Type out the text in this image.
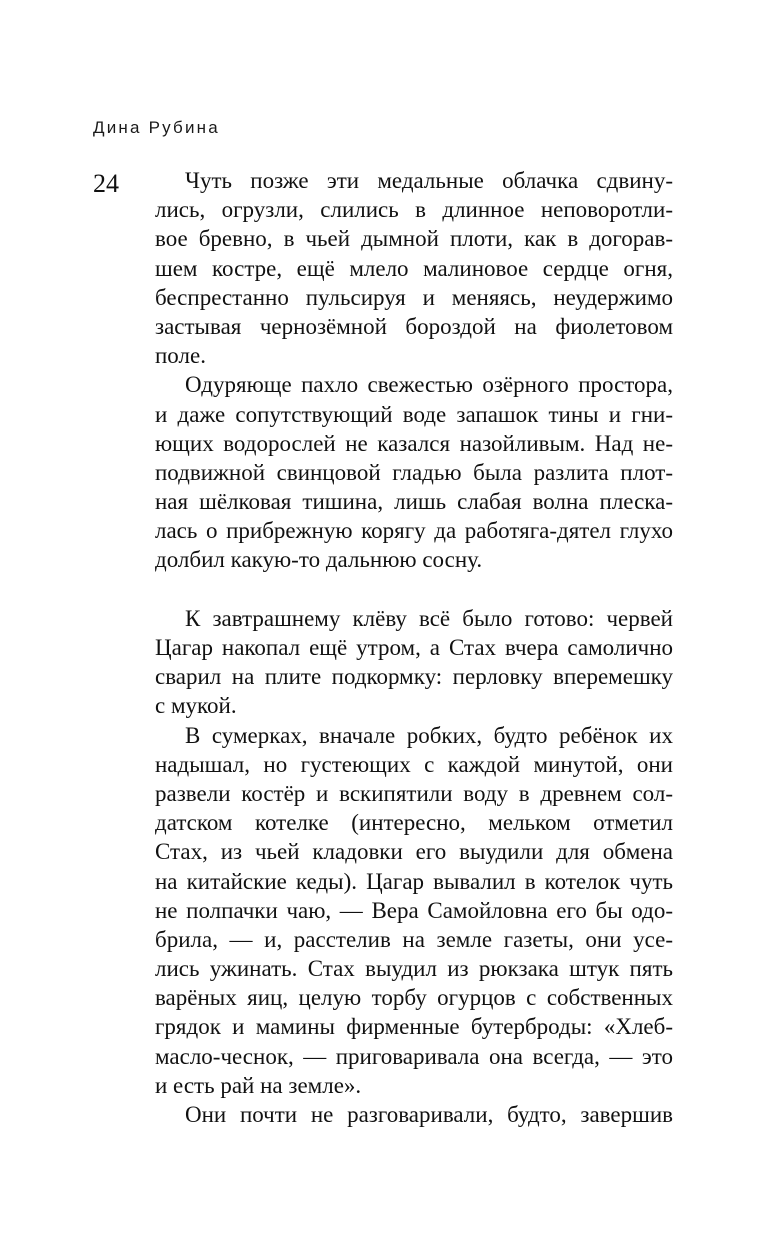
Дина Рубина
24	Чуть позже эти медальные облачка сдвину-
лись, огрузли, слились в длинное неповоротли-
вое бревно, в чьей дымной плоти, как в догорав-
шем костре, ещё млело малиновое сердце огня,
беспрестанно пульсируя и меняясь, неудержимо
застывая чернозёмной бороздой на фиолетовом
поле.
Одуряюще пахло свежестью озёрного простора,
и даже сопутствующий воде запашок тины и гни-
ющих водорослей не казался назойливым. Над не-
подвижной свинцовой гладью была разлита плот-
ная шёлковая тишина, лишь слабая волна плеска-
лась о прибрежную корягу да работяга-дятел глухо
долбил какую-то дальнюю сосну.
К завтрашнему клёву всё было готово: червей
Цагар накопал ещё утром, а Стах вчера самолично
сварил на плите подкормку: перловку вперемешку
с мукой.
В сумерках, вначале робких, будто ребёнок их
надышал, но густеющих с каждой минутой, они
развели костёр и вскипятили воду в древнем сол-
датском котелке (интересно, мельком отметил
Стах, из чьей кладовки его выудили для обмена
на китайские кеды). Цагар вывалил в котелок чуть
не полпачки чаю, — Вера Самойловна его бы одо-
брила, — и, расстелив на земле газеты, они усе-
лись ужинать. Стах выудил из рюкзака штук пять
варёных яиц, целую торбу огурцов с собственных
грядок и мамины фирменные бутерброды: «Хлеб-
масло-чеснок, — приговаривала она всегда, — это
и есть рай на земле».
Они почти не разговаривали, будто, завершив
